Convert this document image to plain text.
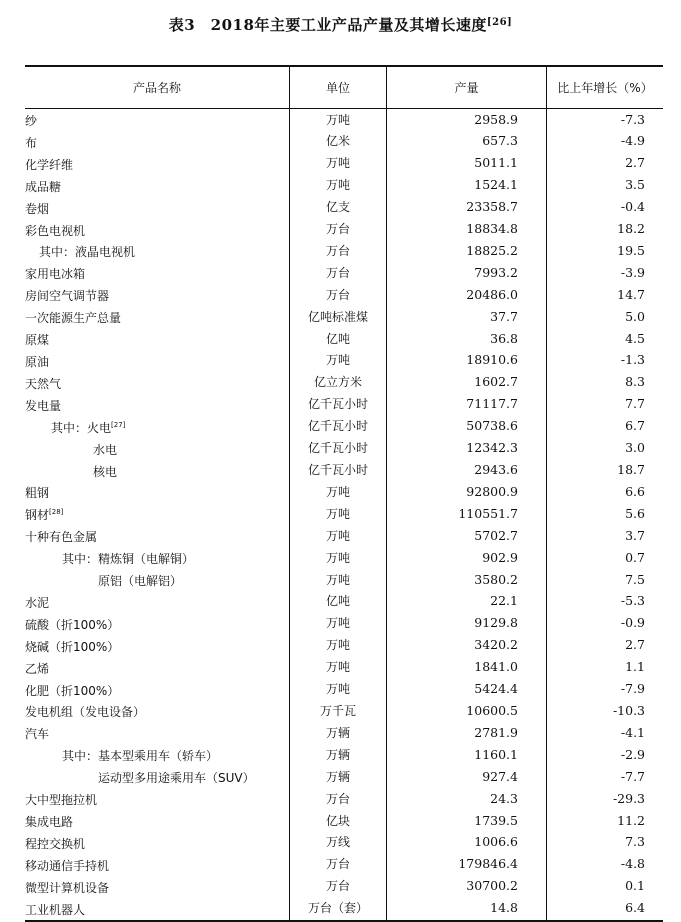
表3　2018年主要工业产品产量及其增长速度[26]
产品名称	单位	产量	比上年增长（%）
纱	万吨	2958.9	-7.3
布	亿米	657.3	-4.9
化学纤维	万吨	5011.1	2.7
成品糖	万吨	1524.1	3.5
卷烟	亿支	23358.7	-0.4
彩色电视机	万台	18834.8	18.2
其中：液晶电视机	万台	18825.2	19.5
家用电冰箱	万台	7993.2	-3.9
房间空气调节器	万台	20486.0	14.7
一次能源生产总量	亿吨标准煤	37.7	5.0
原煤	亿吨	36.8	4.5
原油	万吨	18910.6	-1.3
天然气	亿立方米	1602.7	8.3
发电量	亿千瓦小时	71117.7	7.7
其中：火电[27]	亿千瓦小时	50738.6	6.7
水电	亿千瓦小时	12342.3	3.0
核电	亿千瓦小时	2943.6	18.7
粗钢	万吨	92800.9	6.6
钢材[28]	万吨	110551.7	5.6
十种有色金属	万吨	5702.7	3.7
其中：精炼铜（电解铜）	万吨	902.9	0.7
原铝（电解铝）	万吨	3580.2	7.5
水泥	亿吨	22.1	-5.3
硫酸（折100%）	万吨	9129.8	-0.9
烧碱（折100%）	万吨	3420.2	2.7
乙烯	万吨	1841.0	1.1
化肥（折100%）	万吨	5424.4	-7.9
发电机组（发电设备）	万千瓦	10600.5	-10.3
汽车	万辆	2781.9	-4.1
其中：基本型乘用车（轿车）	万辆	1160.1	-2.9
运动型多用途乘用车（SUV）	万辆	927.4	-7.7
大中型拖拉机	万台	24.3	-29.3
集成电路	亿块	1739.5	11.2
程控交换机	万线	1006.6	7.3
移动通信手持机	万台	179846.4	-4.8
微型计算机设备	万台	30700.2	0.1
工业机器人	万台（套）	14.8	6.4
